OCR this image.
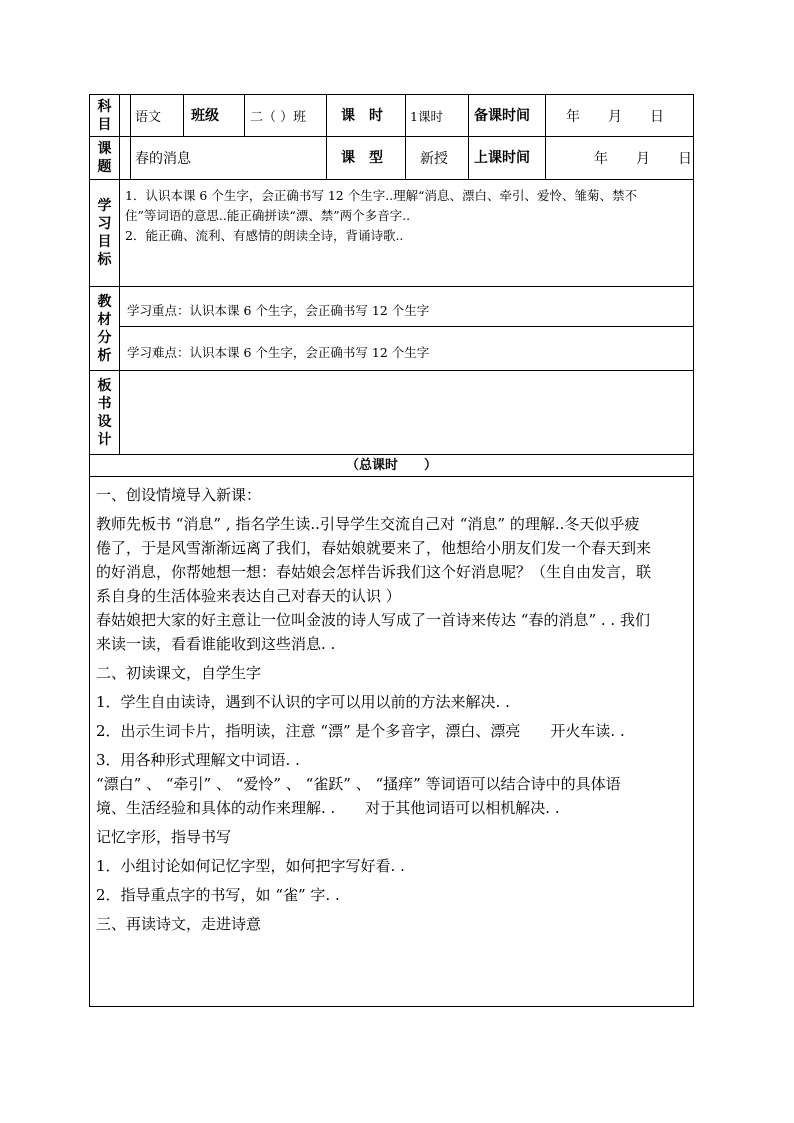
科
目 语文	班级	二（ ）班	课　时	1课时	备课时间	年　　月　　日
课
题 春的消息	课　型	新授	上课时间	年　　月　　日
学
习
目
标
1．认识本课 6 个生字，会正确书写 12 个生字..理解“消息、漂白、牵引、爱怜、雏菊、禁不
住”等词语的意思..能正确拼读“漂、禁”两个多音字..
2．能正确、流利、有感情的朗读全诗，背诵诗歌..
教
材
分
析
学习重点：认识本课 6 个生字，会正确书写 12 个生字
学习难点：认识本课 6 个生字，会正确书写 12 个生字
板
书
设
计
（总课时　　）

一、创设情境导入新课：

教师先板书 “消息” , 指名学生读..引导学生交流自己对 “消息” 的理解..冬天似乎疲

倦了，于是风雪渐渐远离了我们，春姑娘就要来了，他想给小朋友们发一个春天到来

的好消息，你帮她想一想：春姑娘会怎样告诉我们这个好消息呢？（生自由发言，联

系自身的生活体验来表达自己对春天的认识 ）

春姑娘把大家的好主意让一位叫金波的诗人写成了一首诗来传达 “春的消息” . . 我们

来读一读，看看谁能收到这些消息. .

二、初读课文，自学生字

1．学生自由读诗，遇到不认识的字可以用以前的方法来解决. .

2．出示生词卡片，指明读，注意 “漂” 是个多音字，漂白、漂亮　　开火车读. .

3．用各种形式理解文中词语. .

“漂白” 、 “牵引” 、 “爱怜” 、 “雀跃” 、 “搔痒” 等词语可以结合诗中的具体语

境、生活经验和具体的动作来理解. .　　对于其他词语可以相机解决. .

记忆字形，指导书写

1．小组讨论如何记忆字型，如何把字写好看. .

2．指导重点字的书写，如 “雀” 字. .

三、再读诗文，走进诗意
